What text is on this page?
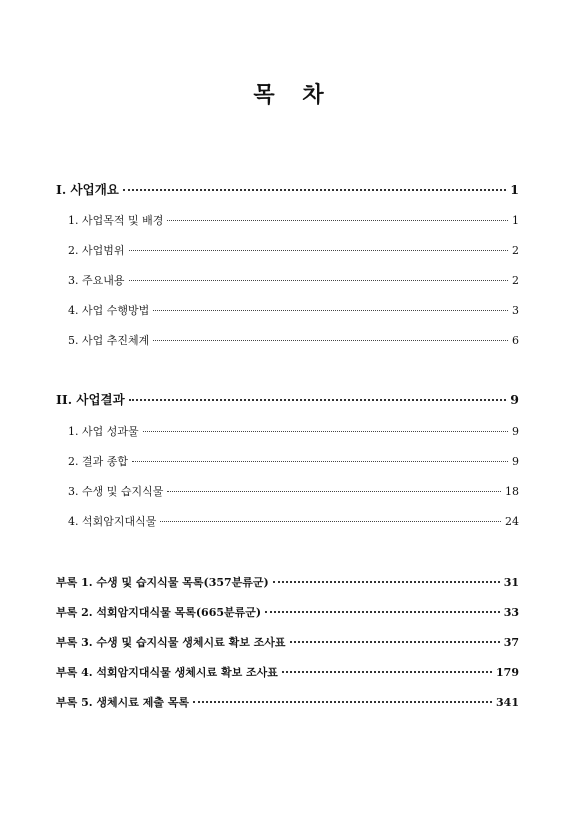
목 차
I. 사업개요	1
1. 사업목적 및 배경	1
2. 사업범위	2
3. 주요내용	2
4. 사업 수행방법	3
5. 사업 추진체계	6
II. 사업결과	9
1. 사업 성과물	9
2. 결과 종합	9
3. 수생 및 습지식물	18
4. 석회암지대식물	24
부록 1. 수생 및 습지식물 목록(357분류군)	31
부록 2. 석회암지대식물 목록(665분류군)	33
부록 3. 수생 및 습지식물 생체시료 확보 조사표	37
부록 4. 석회암지대식물 생체시료 확보 조사표	179
부록 5. 생체시료 제출 목록	341
